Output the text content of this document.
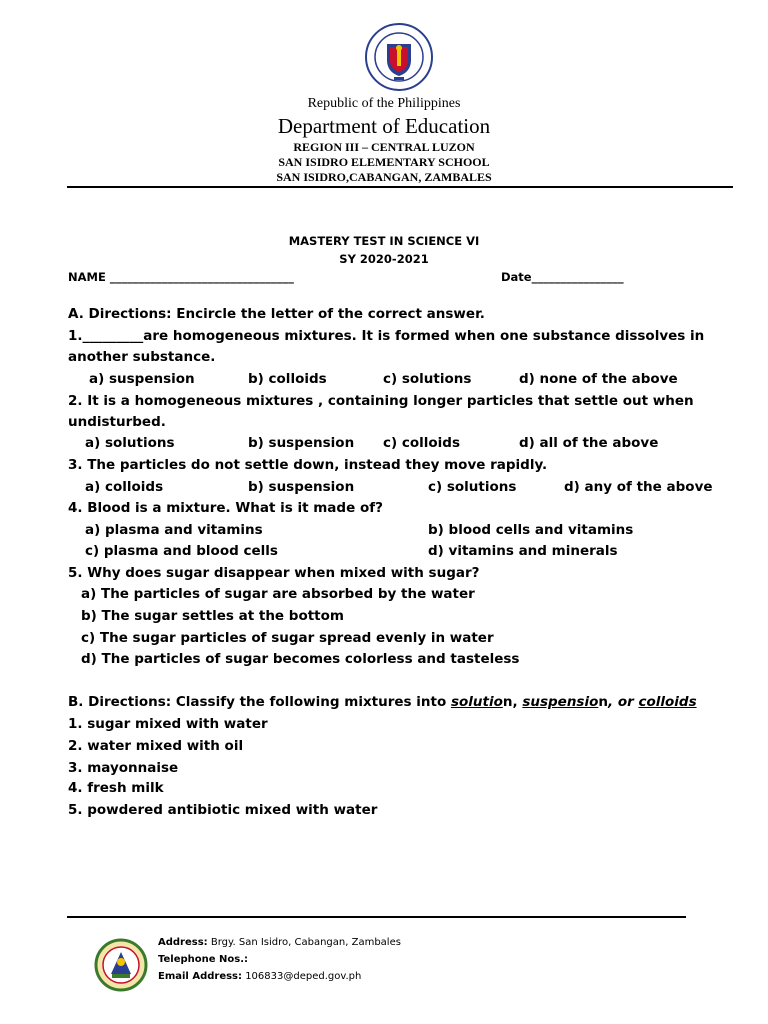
Republic of the Philippines
Department of Education
REGION III – CENTRAL LUZON
SAN ISIDRO ELEMENTARY SCHOOL
SAN ISIDRO,CABANGAN, ZAMBALES
MASTERY TEST IN SCIENCE VI
SY 2020-2021
NAME ________________________________	Date________________
A. Directions: Encircle the letter of the correct answer.
1._________are homogeneous mixtures. It is formed when one substance dissolves in
another substance.
a) suspension	b) colloids	c) solutions	d) none of the above
2. It is a homogeneous mixtures , containing longer particles that settle out when
undisturbed.
a) solutions	b) suspension c) colloids	d) all of the above
3. The particles do not settle down, instead they move rapidly.
a) colloids	b) suspension	c) solutions	d) any of the above
4. Blood is a mixture. What is it made of?
a) plasma and vitamins	b) blood cells and vitamins
c) plasma and blood cells	d) vitamins and minerals
5. Why does sugar disappear when mixed with sugar?
a) The particles of sugar are absorbed by the water
b) The sugar settles at the bottom
c) The sugar particles of sugar spread evenly in water
d) The particles of sugar becomes colorless and tasteless
B. Directions: Classify the following mixtures into solution, suspension, or colloids
1. sugar mixed with water
2. water mixed with oil
3. mayonnaise
4. fresh milk
5. powdered antibiotic mixed with water
Address: Brgy. San Isidro, Cabangan, Zambales
Telephone Nos.:
Email Address: 106833@deped.gov.ph
